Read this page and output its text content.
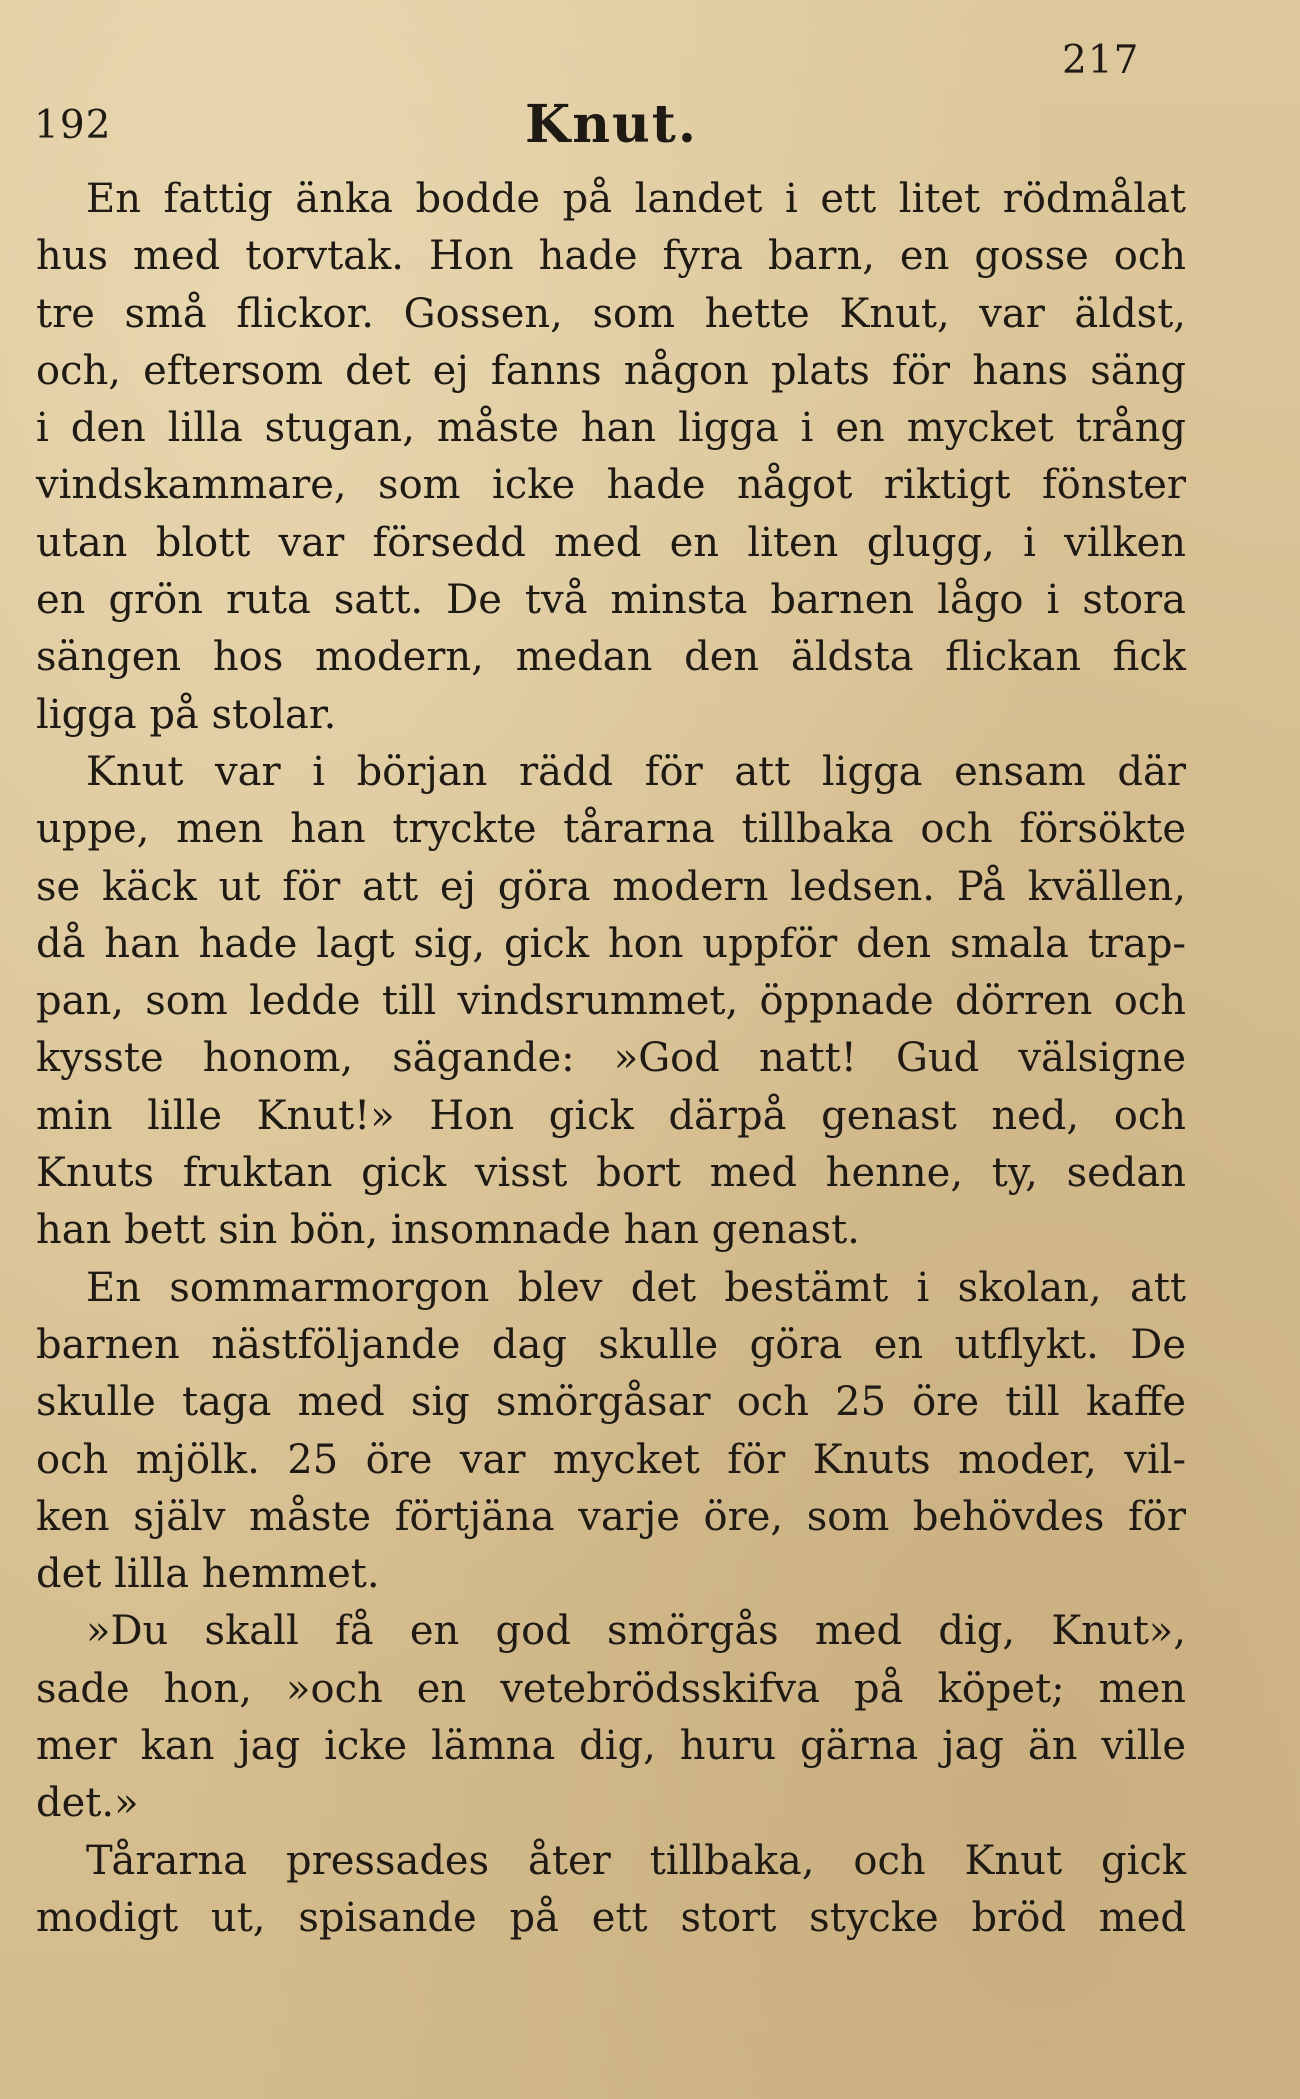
217
192	Knut.
En fattig änka bodde på landet i ett litet rödmålat
hus med torvtak. Hon hade fyra barn, en gosse och
tre små flickor. Gossen, som hette Knut, var äldst,
och, eftersom det ej fanns någon plats för hans säng
i den lilla stugan, måste han ligga i en mycket trång
vindskammare, som icke hade något riktigt fönster
utan blott var försedd med en liten glugg, i vilken
en grön ruta satt. De två minsta barnen lågo i stora
sängen hos modern, medan den äldsta flickan fick
ligga på stolar.
Knut var i början rädd för att ligga ensam där
uppe, men han tryckte tårarna tillbaka och försökte
se käck ut för att ej göra modern ledsen. På kvällen,
då han hade lagt sig, gick hon uppför den smala trap-
pan, som ledde till vindsrummet, öppnade dörren och
kysste honom, sägande: »God natt! Gud välsigne
min lille Knut!» Hon gick därpå genast ned, och
Knuts fruktan gick visst bort med henne, ty, sedan
han bett sin bön, insomnade han genast.
En sommarmorgon blev det bestämt i skolan, att
barnen nästföljande dag skulle göra en utflykt. De
skulle taga med sig smörgåsar och 25 öre till kaffe
och mjölk. 25 öre var mycket för Knuts moder, vil-
ken själv måste förtjäna varje öre, som behövdes för
det lilla hemmet.
»Du skall få en god smörgås med dig, Knut»,
sade hon, »och en vetebrödsskifva på köpet; men
mer kan jag icke lämna dig, huru gärna jag än ville
det.»
Tårarna pressades åter tillbaka, och Knut gick
modigt ut, spisande på ett stort stycke bröd med
